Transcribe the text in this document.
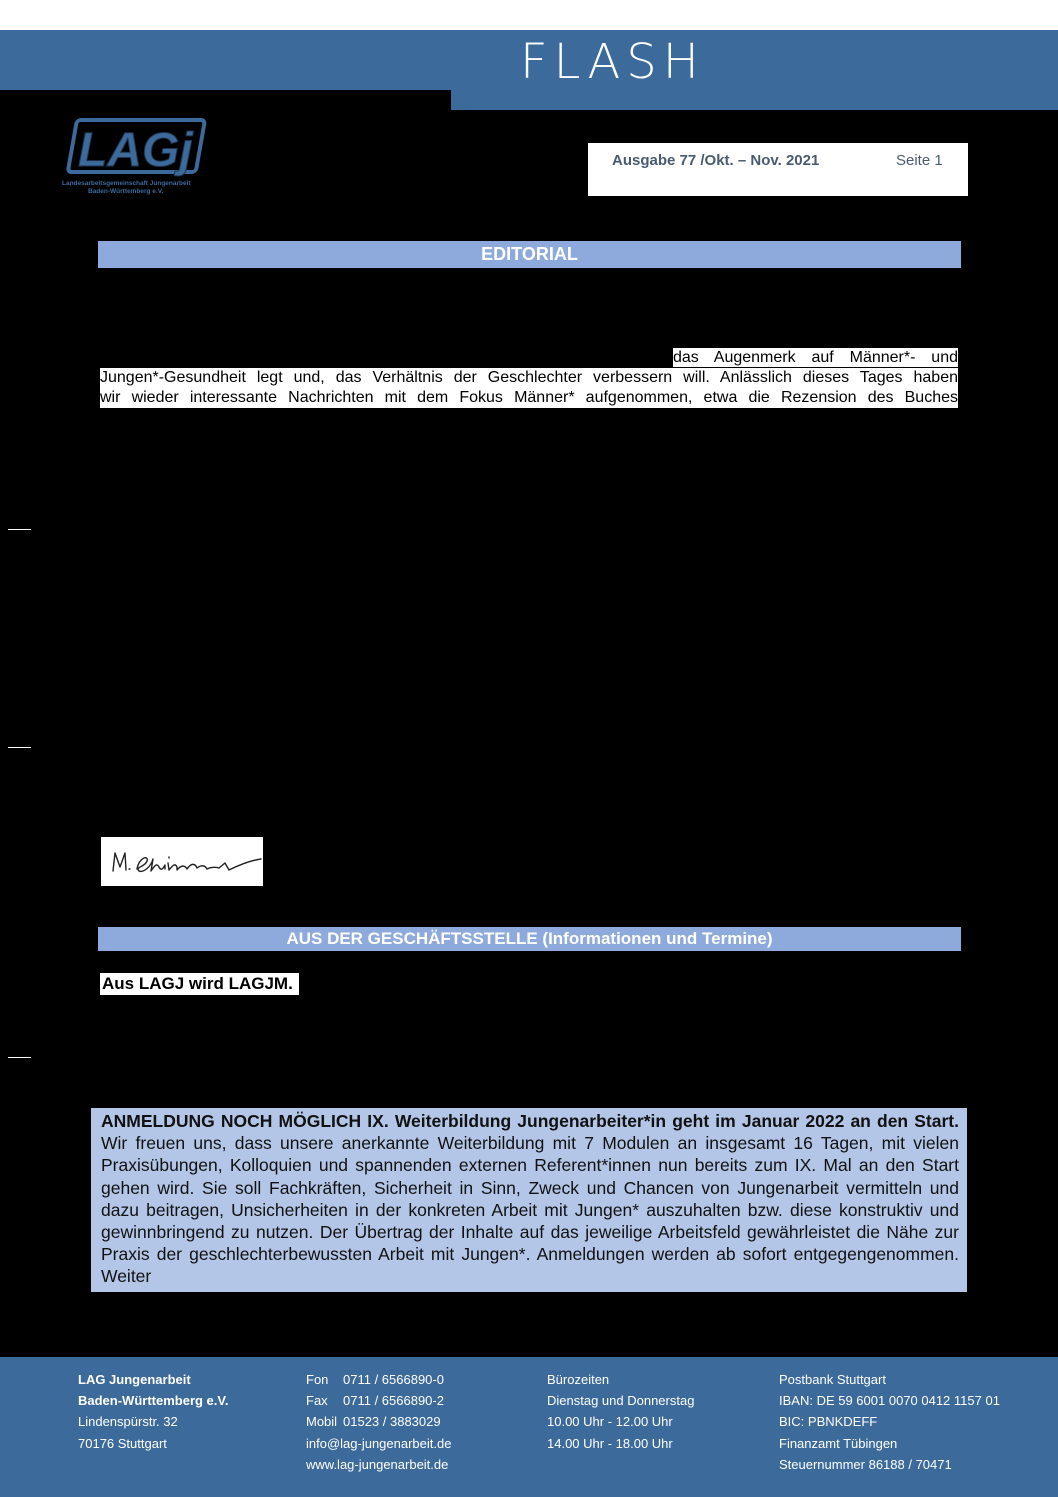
FLASH
LAGj
Landesarbeitsgemeinschaft Jungenarbeit
Baden-Württemberg e.V.
Ausgabe 77 /Okt. – Nov. 2021	Seite 1
EDITORIAL
das Augenmerk auf Männer*- und
Jungen*-Gesundheit legt und, das Verhältnis der Geschlechter verbessern will. Anlässlich dieses Tages haben
wir wieder interessante Nachrichten mit dem Fokus Männer* aufgenommen, etwa die Rezension des Buches
M. Schirmer
AUS DER GESCHÄFTSSTELLE (Informationen und Termine)
Aus LAGJ wird LAGJM.
ANMELDUNG NOCH MÖGLICH IX. Weiterbildung Jungenarbeiter*in geht im Januar 2022 an den Start. Wir freuen uns, dass unsere anerkannte Weiterbildung mit 7 Modulen an insgesamt 16 Tagen, mit vielen Praxisübungen, Kolloquien und spannenden externen Referent*innen nun bereits zum IX. Mal an den Start gehen wird. Sie soll Fachkräften, Sicherheit in Sinn, Zweck und Chancen von Jungenarbeit vermitteln und dazu beitragen, Unsicherheiten in der konkreten Arbeit mit Jungen* auszuhalten bzw. diese konstruktiv und gewinnbringend zu nutzen. Der Übertrag der Inhalte auf das jeweilige Arbeitsfeld gewährleistet die Nähe zur Praxis der geschlechterbewussten Arbeit mit Jungen*. Anmeldungen werden ab sofort entgegengenommen. Weiter
LAG Jungenarbeit
Baden-Württemberg e.V.
Lindenspürstr. 32
70176 Stuttgart
Fon	0711 / 6566890-0
Fax	0711 / 6566890-2
Mobil 01523 / 3883029
info@lag-jungenarbeit.de
www.lag-jungenarbeit.de
Bürozeiten
Dienstag und Donnerstag
10.00 Uhr - 12.00 Uhr
14.00 Uhr - 18.00 Uhr
Postbank Stuttgart
IBAN: DE 59 6001 0070 0412 1157 01
BIC: PBNKDEFF
Finanzamt Tübingen
Steuernummer 86188 / 70471
